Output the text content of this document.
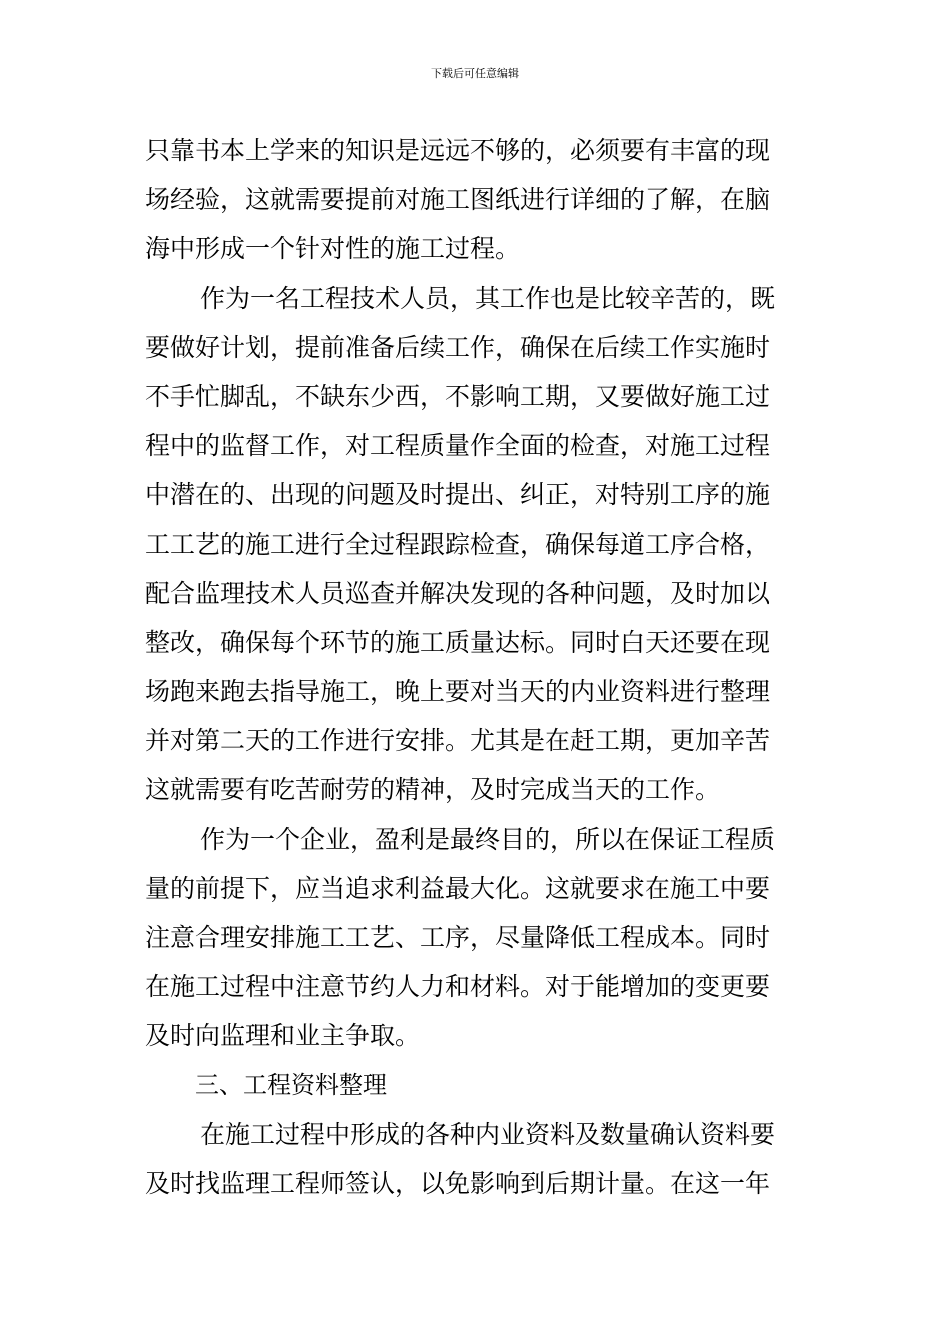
下载后可任意编辑
只靠书本上学来的知识是远远不够的，必须要有丰富的现
场经验，这就需要提前对施工图纸进行详细的了解，在脑
海中形成一个针对性的施工过程。
作为一名工程技术人员，其工作也是比较辛苦的，既
要做好计划，提前准备后续工作，确保在后续工作实施时
不手忙脚乱，不缺东少西，不影响工期，又要做好施工过
程中的监督工作，对工程质量作全面的检查，对施工过程
中潜在的、出现的问题及时提出、纠正，对特别工序的施
工工艺的施工进行全过程跟踪检查，确保每道工序合格，
配合监理技术人员巡查并解决发现的各种问题，及时加以
整改，确保每个环节的施工质量达标。同时白天还要在现
场跑来跑去指导施工，晚上要对当天的内业资料进行整理
并对第二天的工作进行安排。尤其是在赶工期，更加辛苦
这就需要有吃苦耐劳的精神，及时完成当天的工作。
作为一个企业，盈利是最终目的，所以在保证工程质
量的前提下，应当追求利益最大化。这就要求在施工中要
注意合理安排施工工艺、工序，尽量降低工程成本。同时
在施工过程中注意节约人力和材料。对于能增加的变更要
及时向监理和业主争取。
三、工程资料整理
在施工过程中形成的各种内业资料及数量确认资料要
及时找监理工程师签认，以免影响到后期计量。在这一年
